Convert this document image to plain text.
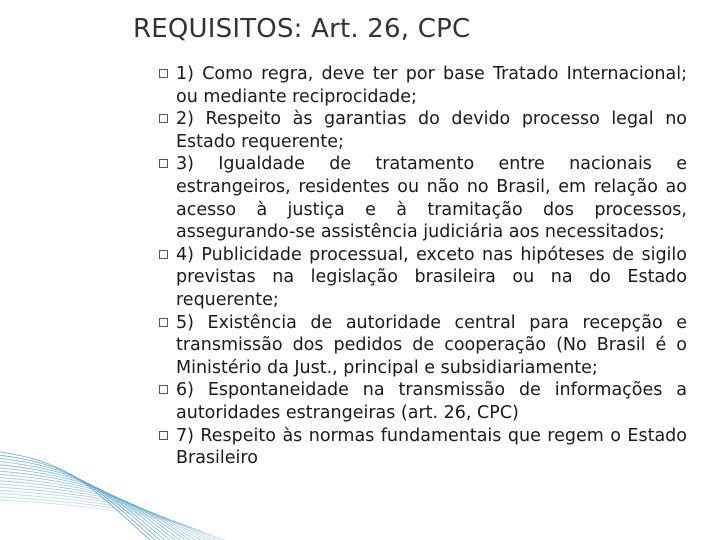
REQUISITOS: Art. 26, CPC
1) Como regra, deve ter por base Tratado Internacional; ou mediante reciprocidade;
2) Respeito às garantias do devido processo legal no Estado requerente;
3) Igualdade de tratamento entre nacionais e estrangeiros, residentes ou não no Brasil, em relação ao acesso à justiça e à tramitação dos processos, assegurando-se assistência judiciária aos necessitados;
4) Publicidade processual, exceto nas hipóteses de sigilo previstas na legislação brasileira ou na do Estado requerente;
5) Existência de autoridade central para recepção e transmissão dos pedidos de cooperação (No Brasil é o Ministério da Just., principal e subsidiariamente;
6) Espontaneidade na transmissão de informações a autoridades estrangeiras (art. 26, CPC)
7) Respeito às normas fundamentais que regem o Estado Brasileiro
